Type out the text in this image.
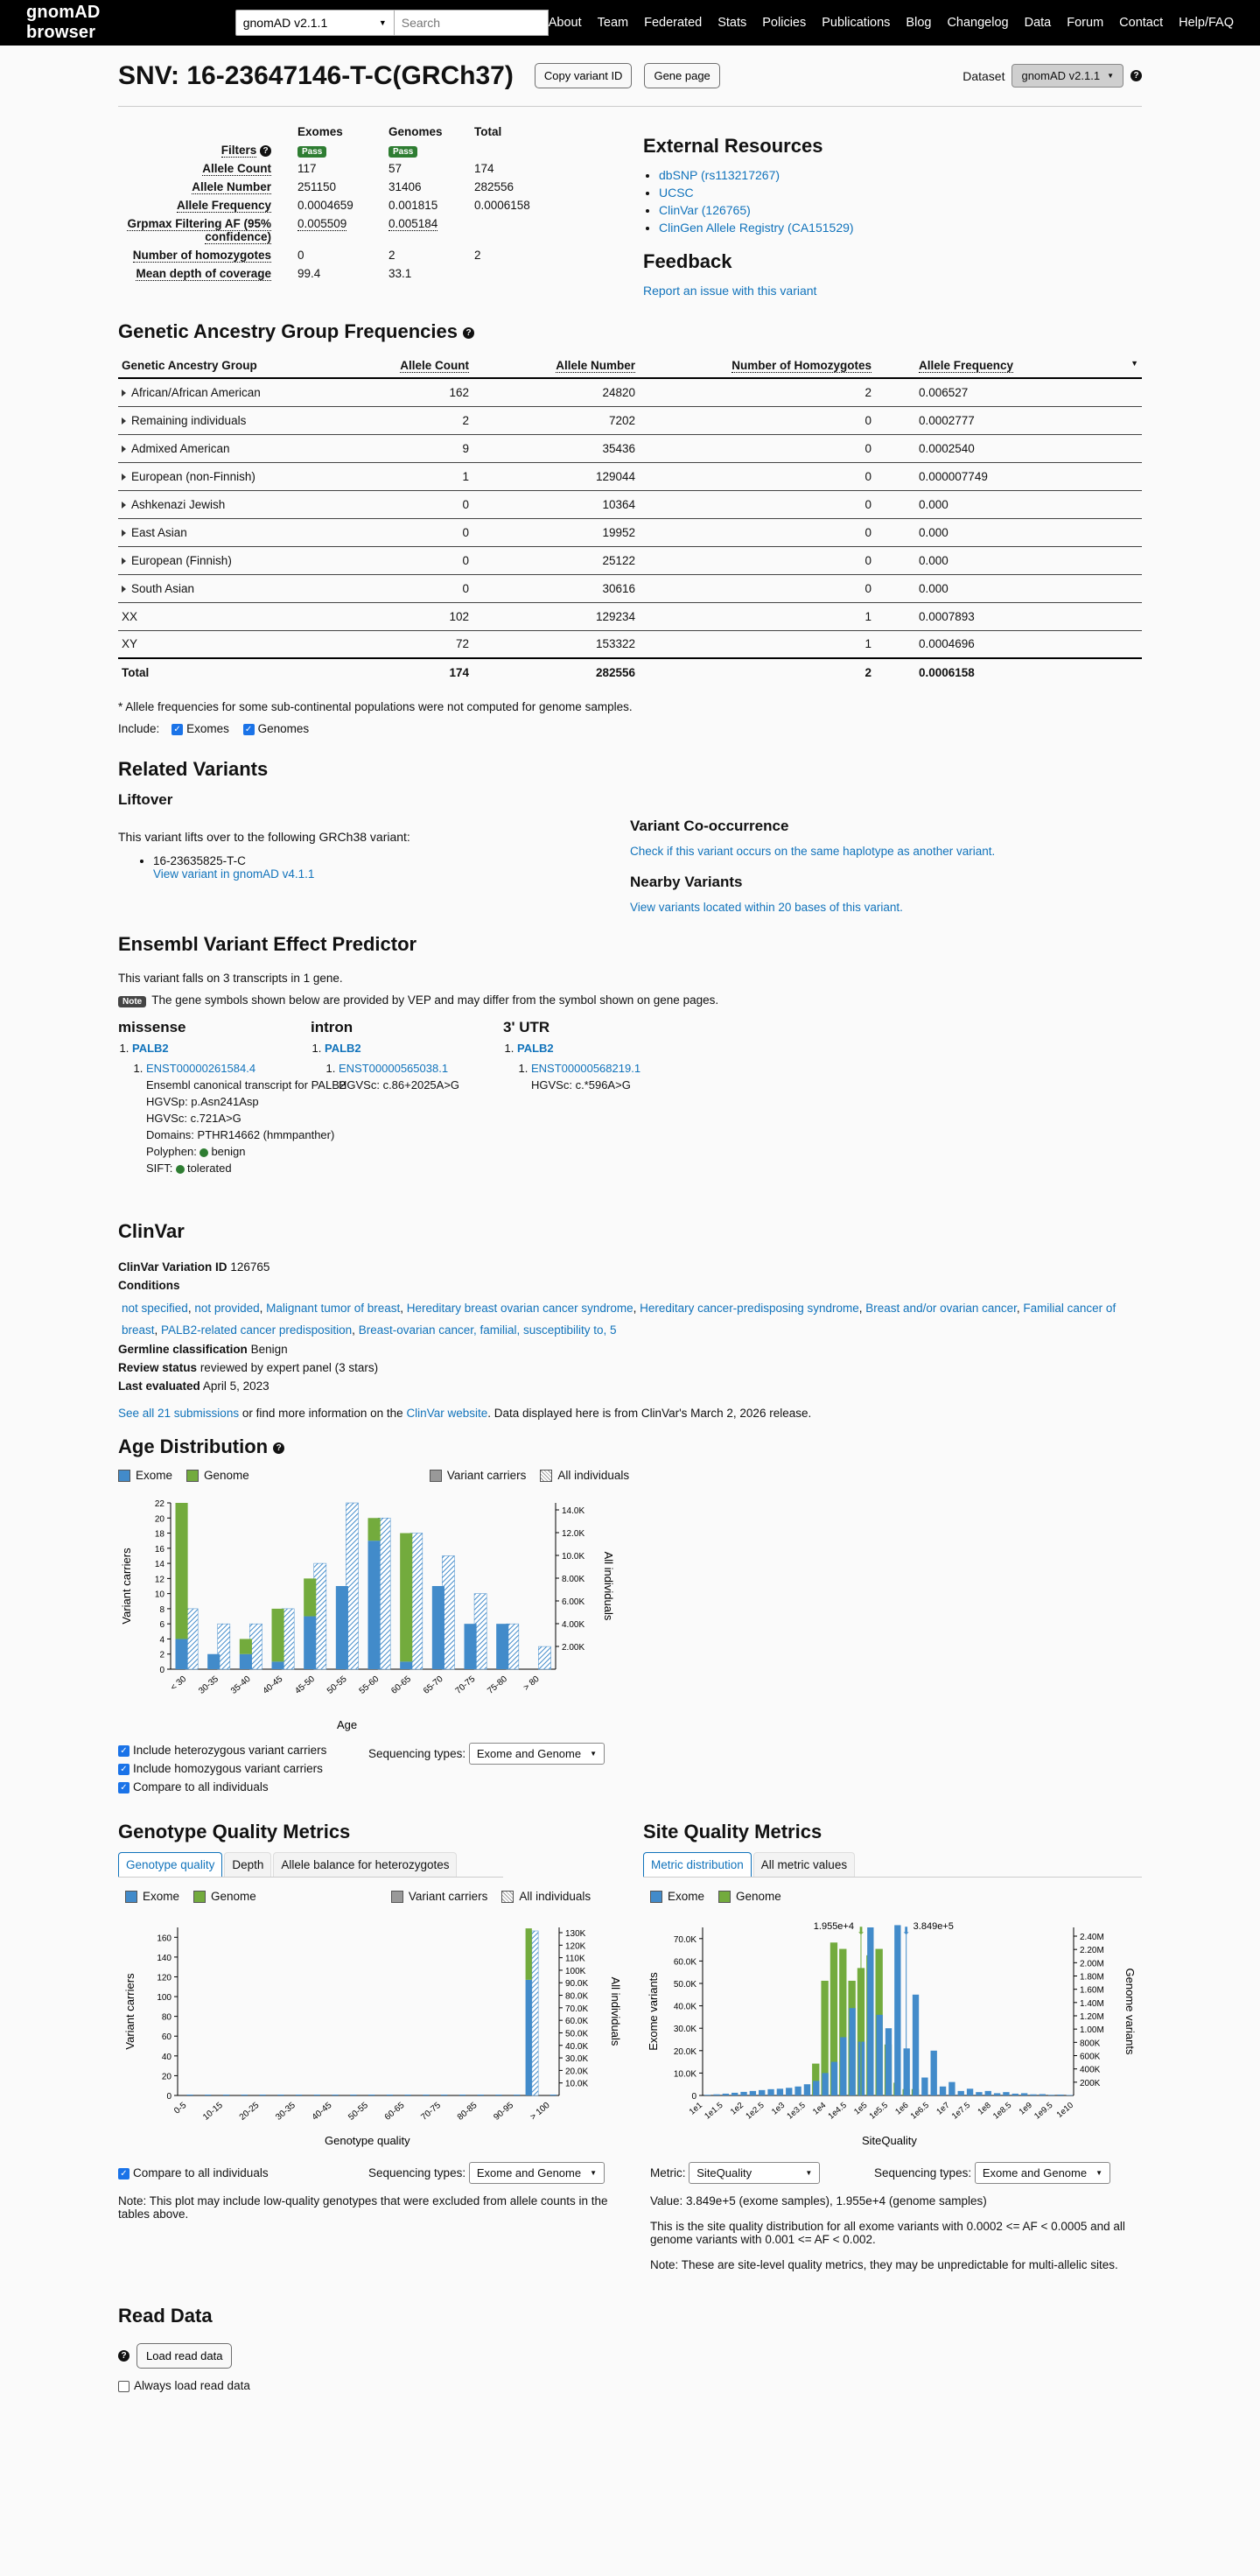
gnomAD browser	gnomAD v2.1.1	▼
Search	About Team Federated Stats Policies Publications Blog Changelog Data Forum Contact Help/FAQ
SNV: 16-23647146-T-C(GRCh37)	Copy variant ID	Gene page	Dataset gnomAD v2.1.1 ▼	?
	Exomes	Genomes	Total
Filters ?	Pass	Pass	
Allele Count	117	57	174
Allele Number	251150	31406	282556
Allele Frequency	0.0004659	0.001815	0.0006158
Grpmax Filtering AF (95% confidence)	0.005509	0.005184	
Number of homozygotes	0	2	2
Mean depth of coverage	99.4	33.1	
External Resources
• dbSNP (rs113217267)
• UCSC
• ClinVar (126765)
• ClinGen Allele Registry (CA151529)
Feedback
Report an issue with this variant
Genetic Ancestry Group Frequencies ?
Genetic Ancestry Group	Allele Count	Allele Number	Number of Homozygotes	Allele Frequency ▼

African/African American	162	24820	2	0.006527
Remaining individuals	2	7202	0	0.0002777
Admixed American	9	35436	0	0.0002540
European (non-Finnish)	1	129044	0	0.000007749
Ashkenazi Jewish	0	10364	0	0.000
East Asian	0	19952	0	0.000
European (Finnish)	0	25122	0	0.000
South Asian	0	30616	0	0.000
XX	102	129234	1	0.0007893
XY	72	153322	1	0.0004696
Total	174	282556	2	0.0006158
* Allele frequencies for some sub-continental populations were not computed for genome samples.
Include: ✓ Exomes ✓ Genomes
Related Variants
Liftover
This variant lifts over to the following GRCh38 variant:
• 16-23635825-T-C
View variant in gnomAD v4.1.1
Variant Co-occurrence
Check if this variant occurs on the same haplotype as another variant.
Nearby Variants
View variants located within 20 bases of this variant.
Ensembl Variant Effect Predictor
This variant falls on 3 transcripts in 1 gene.
Note The gene symbols shown below are provided by VEP and may differ from the symbol shown on gene pages.
missense
1. PALB2
1. ENST00000261584.4
Ensembl canonical transcript for PALB2
HGVSp: p.Asn241Asp
HGVSc: c.721A>G
Domains: PTHR14662 (hmmpanther)
Polyphen: benign
SIFT: tolerated
intron
1. PALB2
1. ENST00000565038.1
HGVSc: c.86+2025A>G
3' UTR
1. PALB2
1. ENST00000568219.1
HGVSc: c.*596A>G
ClinVar
ClinVar Variation ID 126765
Conditions
not specified, not provided, Malignant tumor of breast, Hereditary breast ovarian cancer syndrome, Hereditary cancer-predisposing syndrome, Breast and/or ovarian cancer, Familial cancer of breast, PALB2-related cancer predisposition, Breast-ovarian cancer, familial, susceptibility to, 5
Germline classification Benign
Review status reviewed by expert panel (3 stars)
Last evaluated April 5, 2023
See all 21 submissions or find more information on the ClinVar website. Data displayed here is from ClinVar's March 2, 2026 release.
Age Distribution ?
Exome	Genome	Variant carriers	All individuals
0
2
4
6
8
10
12
14
16
18
20
22
2.00K
4.00K
6.00K
8.00K
10.0K
12.0K
14.0K
< 30 30-35 35-40 40-45 45-50 50-55 55-60 60-65 65-70 70-75 75-80 > 80
Age
Variant carriers	All individuals
✓ Include heterozygous variant carriers
✓ Include homozygous variant carriers
✓ Compare to all individuals
Sequencing types: Exome and Genome ▼
Genotype Quality Metrics
Genotype quality	Depth	Allele balance for heterozygotes
Exome	Genome	Variant carriers	All individuals
0
20
40
60
80
100
120
140
160
10.0K
20.0K
30.0K
40.0K
50.0K
60.0K
70.0K
80.0K
90.0K
100K
110K
120K
130K
0-5 10-15 20-25 30-35 40-45 50-55 60-65 70-75 80-85 90-95 > 100
Genotype quality
Variant carriers	All individuals
✓ Compare to all individuals	Sequencing types: Exome and Genome ▼
Note: This plot may include low-quality genotypes that were excluded from allele counts in the tables above.
Site Quality Metrics
Metric distribution	All metric values
Exome	Genome
0
10.0K
20.0K
30.0K
40.0K
50.0K
60.0K
70.0K
200K
400K
600K
800K
1.00M
1.20M
1.40M
1.60M
1.80M
2.00M
2.20M
2.40M
1.955e+4 ⬇	3.849e+5
⬇
1e1
1e1.5 1e2
1e2.5 1e3
1e3.5 1e4
1e4.5 1e5
1e5.5 1e6
1e6.5 1e7
1e7.5 1e8
1e8.5 1e9
1e9.5 1e10
SiteQuality
Exome variants	Genome variants
Metric: SiteQuality	▼	Sequencing types: Exome and Genome ▼
Value: 3.849e+5 (exome samples), 1.955e+4 (genome samples)
This is the site quality distribution for all exome variants with 0.0002 <= AF < 0.0005 and all genome variants with 0.001 <= AF < 0.002.
Note: These are site-level quality metrics, they may be unpredictable for multi-allelic sites.
Read Data
?	Load read data
Always load read data
